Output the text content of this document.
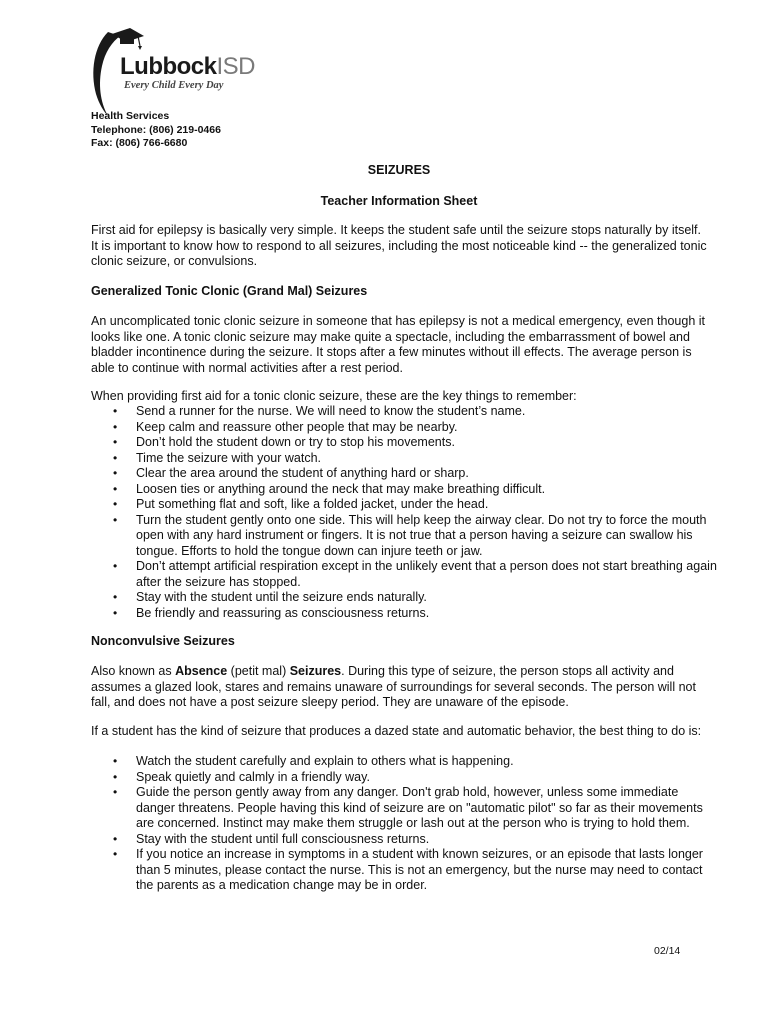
LubbockISD
Every Child Every Day
Health Services
Telephone: (806) 219-0466
Fax: (806) 766-6680
SEIZURES
Teacher Information Sheet
First aid for epilepsy is basically very simple. It keeps the student safe until the seizure stops naturally by itself. It is important to know how to respond to all seizures, including the most noticeable kind -- the generalized tonic clonic seizure, or convulsions.
Generalized Tonic Clonic (Grand Mal) Seizures
An uncomplicated tonic clonic seizure in someone that has epilepsy is not a medical emergency, even though it looks like one. A tonic clonic seizure may make quite a spectacle, including the embarrassment of bowel and bladder incontinence during the seizure. It stops after a few minutes without ill effects. The average person is able to continue with normal activities after a rest period.
When providing first aid for a tonic clonic seizure, these are the key things to remember:
• Send a runner for the nurse. We will need to know the student’s name.
• Keep calm and reassure other people that may be nearby.
• Don’t hold the student down or try to stop his movements.
• Time the seizure with your watch.
• Clear the area around the student of anything hard or sharp.
• Loosen ties or anything around the neck that may make breathing difficult.
• Put something flat and soft, like a folded jacket, under the head.
• Turn the student gently onto one side. This will help keep the airway clear. Do not try to force the mouth open with any hard instrument or fingers. It is not true that a person having a seizure can swallow his tongue. Efforts to hold the tongue down can injure teeth or jaw.
• Don’t attempt artificial respiration except in the unlikely event that a person does not start breathing again after the seizure has stopped.
• Stay with the student until the seizure ends naturally.
• Be friendly and reassuring as consciousness returns.
Nonconvulsive Seizures
Also known as Absence (petit mal) Seizures. During this type of seizure, the person stops all activity and assumes a glazed look, stares and remains unaware of surroundings for several seconds. The person will not fall, and does not have a post seizure sleepy period. They are unaware of the episode.
If a student has the kind of seizure that produces a dazed state and automatic behavior, the best thing to do is:
• Watch the student carefully and explain to others what is happening.
• Speak quietly and calmly in a friendly way.
• Guide the person gently away from any danger. Don't grab hold, however, unless some immediate danger threatens. People having this kind of seizure are on "automatic pilot" so far as their movements are concerned. Instinct may make them struggle or lash out at the person who is trying to hold them.
• Stay with the student until full consciousness returns.
• If you notice an increase in symptoms in a student with known seizures, or an episode that lasts longer than 5 minutes, please contact the nurse. This is not an emergency, but the nurse may need to contact the parents as a medication change may be in order.
02/14
